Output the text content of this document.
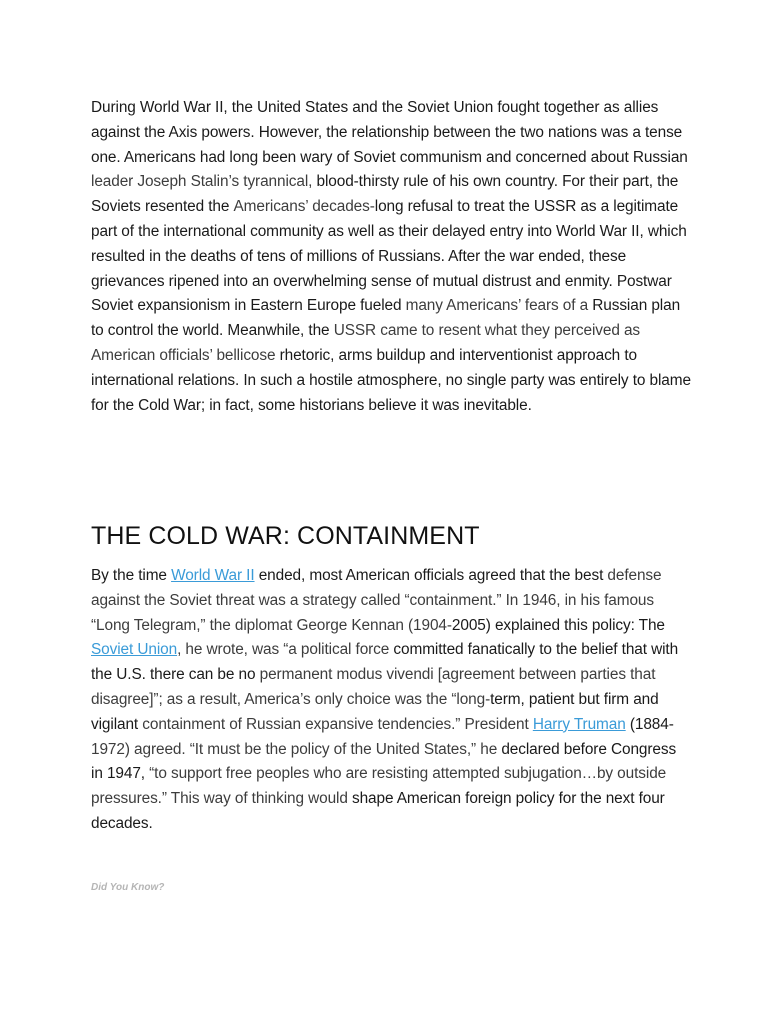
During World War II, the United States and the Soviet Union fought together as allies against the Axis powers. However, the relationship between the two nations was a tense one. Americans had long been wary of Soviet communism and concerned about Russian leader Joseph Stalin’s tyrannical, blood-thirsty rule of his own country. For their part, the Soviets resented the Americans’ decades-long refusal to treat the USSR as a legitimate part of the international community as well as their delayed entry into World War II, which resulted in the deaths of tens of millions of Russians. After the war ended, these grievances ripened into an overwhelming sense of mutual distrust and enmity. Postwar Soviet expansionism in Eastern Europe fueled many Americans’ fears of a Russian plan to control the world. Meanwhile, the USSR came to resent what they perceived as American officials’ bellicose rhetoric, arms buildup and interventionist approach to international relations. In such a hostile atmosphere, no single party was entirely to blame for the Cold War; in fact, some historians believe it was inevitable.

THE COLD WAR: CONTAINMENT

By the time World War II ended, most American officials agreed that the best defense against the Soviet threat was a strategy called “containment.” In 1946, in his famous “Long Telegram,” the diplomat George Kennan (1904-2005) explained this policy: The Soviet Union, he wrote, was “a political force committed fanatically to the belief that with the U.S. there can be no permanent modus vivendi [agreement between parties that disagree]”; as a result, America’s only choice was the “long-term, patient but firm and vigilant containment of Russian expansive tendencies.” President Harry Truman (1884-1972) agreed. “It must be the policy of the United States,” he declared before Congress in 1947, “to support free peoples who are resisting attempted subjugation…by outside pressures.” This way of thinking would shape American foreign policy for the next four decades.

Did You Know?
